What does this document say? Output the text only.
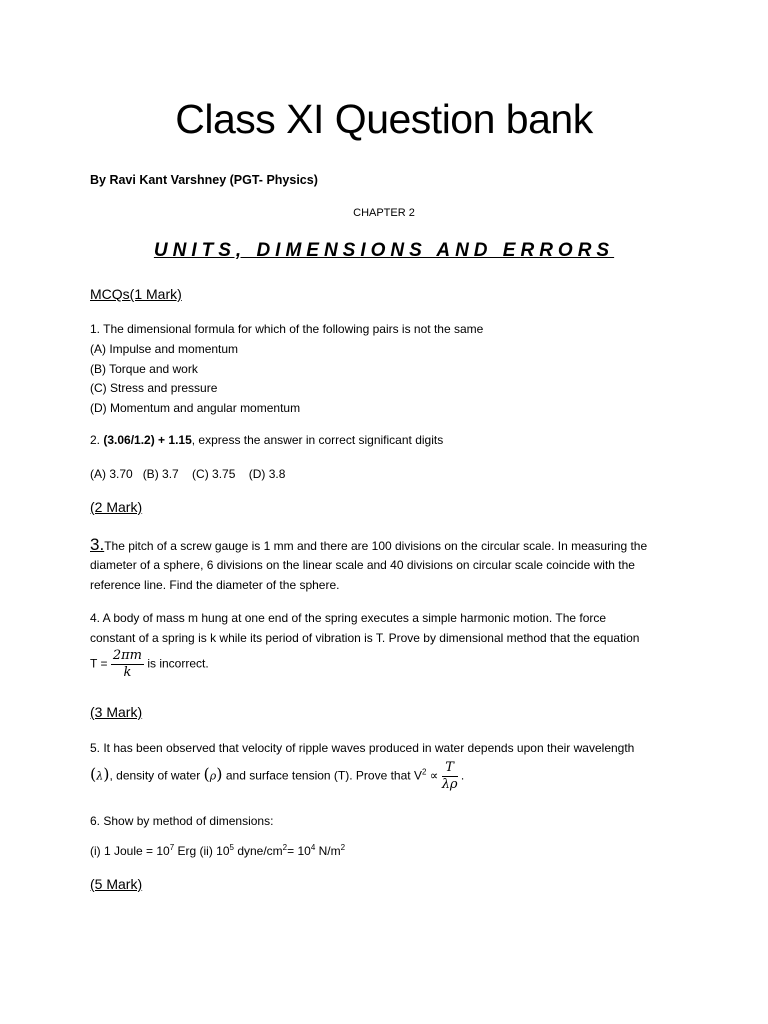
Class XI Question bank
By Ravi Kant Varshney (PGT- Physics)
CHAPTER 2
UNITS, DIMENSIONS AND ERRORS
MCQs(1 Mark)
1. The dimensional formula for which of the following pairs is not the same
(A) Impulse and momentum
(B) Torque and work
(C) Stress and pressure
(D) Momentum and angular momentum
2. (3.06/1.2) + 1.15, express the answer in correct significant digits
(A) 3.70   (B) 3.7    (C) 3.75    (D) 3.8
(2 Mark)
3.The pitch of a screw gauge is 1 mm and there are 100 divisions on the circular scale. In measuring the
diameter of a sphere, 6 divisions on the linear scale and 40 divisions on circular scale coincide with the
reference line. Find the diameter of the sphere.
4. A body of mass m hung at one end of the spring executes a simple harmonic motion. The force
constant of a spring is k while its period of vibration is T. Prove by dimensional method that the equation
$T = \frac{2\pi m}{k}$ is incorrect.
(3 Mark)
5. It has been observed that velocity of ripple waves produced in water depends upon their wavelength
(λ), density of water (ρ) and surface tension (T). Prove that $V^2 \propto \frac{T}{\lambda\rho}$ .
6. Show by method of dimensions:
(i) 1 Joule = $10^7$ Erg (ii) $10^5$ dyne/$cm^2= 10^4$ $N/m^2$
(5 Mark)
